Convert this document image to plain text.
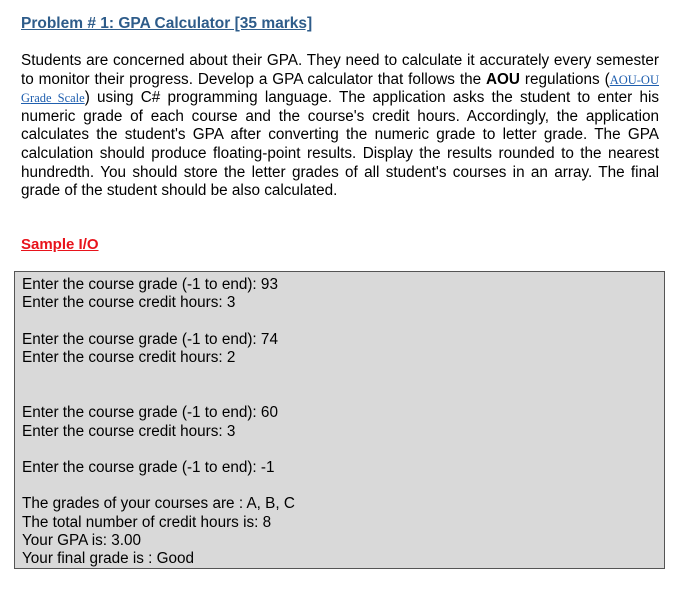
Problem # 1: GPA Calculator [35 marks]

Students are concerned about their GPA. They need to calculate it accurately every semester to monitor their progress. Develop a GPA calculator that follows the AOU regulations (AOU-OU Grade Scale) using C# programming language. The application asks the student to enter his numeric grade of each course and the course's credit hours. Accordingly, the application calculates the student's GPA after converting the numeric grade to letter grade. The GPA calculation should produce floating-point results. Display the results rounded to the nearest hundredth. You should store the letter grades of all student's courses in an array. The final grade of the student should be also calculated.

Sample I/O
Enter the course grade (-1 to end): 93
Enter the course credit hours: 3
Enter the course grade (-1 to end): 74
Enter the course credit hours: 2
Enter the course grade (-1 to end): 60
Enter the course credit hours: 3
Enter the course grade (-1 to end): -1
The grades of your courses are : A, B, C
The total number of credit hours is: 8
Your GPA is: 3.00
Your final grade is : Good
